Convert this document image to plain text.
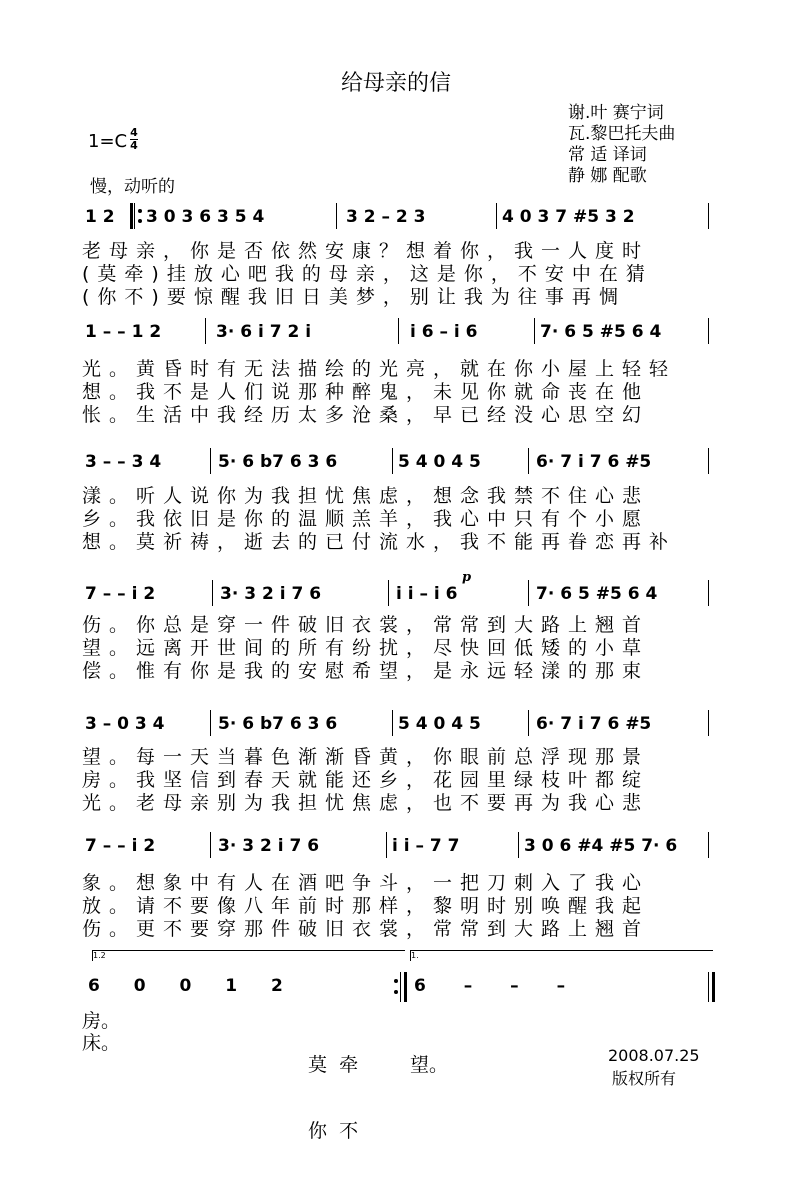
给母亲的信
谢.叶 赛宁词
瓦.黎巴托夫曲
常 适 译词
静 娜 配歌
1=C 4
4
慢，动听的
1 2 3 0 3 6 3 5 4	3 2 – 2 3	4 0 3 7 #5 3 2
老母亲，你是否依然安康？想着你，我一人度时
(莫牵)挂放心吧我的母亲，这是你，不安中在猜
(你不)要惊醒我旧日美梦，别让我为往事再惆
1 – – 1 2	3· 6 i 7 2 i	i 6 – i 6	7· 6 5 #5 6 4
光。黄昏时有无法描绘的光亮，就在你小屋上轻轻
想。我不是人们说那种醉鬼，未见你就命丧在他
怅。生活中我经历太多沧桑，早已经没心思空幻
3 – – 3 4	5· 6 b7 6 3 6	5 4 0 4 5	6· 7 i 7 6 #5
漾。听人说你为我担忧焦虑，想念我禁不住心悲
乡。我依旧是你的温顺羔羊，我心中只有个小愿
想。莫祈祷，逝去的已付流水，我不能再眷恋再补
p
7 – – i 2	3· 3 2 i 7 6	i i – i 6	7· 6 5 #5 6 4
伤。你总是穿一件破旧衣裳，常常到大路上翘首
望。远离开世间的所有纷扰，尽快回低矮的小草
偿。惟有你是我的安慰希望，是永远轻漾的那束
3 – 0 3 4	5· 6 b7 6 3 6	5 4 0 4 5	6· 7 i 7 6 #5
望。每一天当暮色渐渐昏黄，你眼前总浮现那景
房。我坚信到春天就能还乡，花园里绿枝叶都绽
光。老母亲别为我担忧焦虑，也不要再为我心悲
7 – – i 2	3· 3 2 i 7 6	i i – 7 7	3 0 6 #4 #5 7· 6
象。想象中有人在酒吧争斗，一把刀刺入了我心
放。请不要像八年前时那样，黎明时别唤醒我起
伤。更不要穿那件破旧衣裳，常常到大路上翘首
1.2	1.
6 0 0 1 2	6 – – –
房。
床。

莫  牵

你  不

望。	2008.07.25
版权所有
